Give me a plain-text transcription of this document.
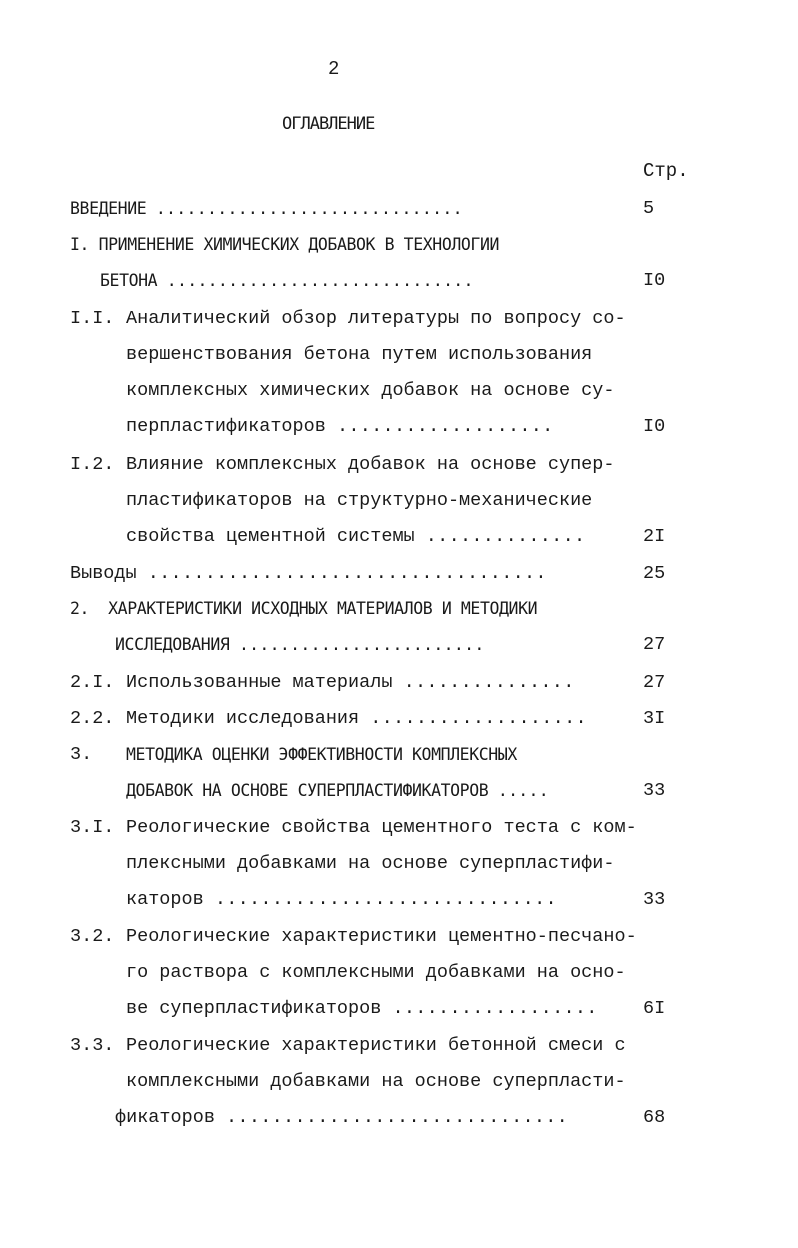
2
ОГЛАВЛЕНИЕ
Стр.
ВВЕДЕНИЕ ..............................	5
I. ПРИМЕНЕНИЕ ХИМИЧЕСКИХ ДОБАВОК В ТЕХНОЛОГИИ
БЕТОНА ..............................	I0
I.I. Аналитический обзор литературы по вопросу со-
вершенствования бетона путем использования
комплексных химических добавок на основе су-
перпластификаторов ...................	I0
I.2. Влияние комплексных добавок на основе супер-
пластификаторов на структурно-механические
свойства цементной системы ..............	2I
Выводы ...................................	25
2.  ХАРАКТЕРИСТИКИ ИСХОДНЫХ МАТЕРИАЛОВ И МЕТОДИКИ
ИССЛЕДОВАНИЯ ........................	27
2.I. Использованные материалы ...............	27
2.2. Методики исследования ...................	3I
3. МЕТОДИКА ОЦЕНКИ ЭФФЕКТИВНОСТИ КОМПЛЕКСНЫХ
ДОБАВОК НА ОСНОВЕ СУПЕРПЛАСТИФИКАТОРОВ .....	33
3.I. Реологические свойства цементного теста с ком-
плексными добавками на основе суперпластифи-
каторов ..............................	33
3.2. Реологические характеристики цементно-песчано-
го раствора с комплексными добавками на осно-
ве суперпластификаторов .................. 6I
3.3. Реологические характеристики бетонной смеси с
комплексными добавками на основе суперпласти-
фикаторов ..............................	68
